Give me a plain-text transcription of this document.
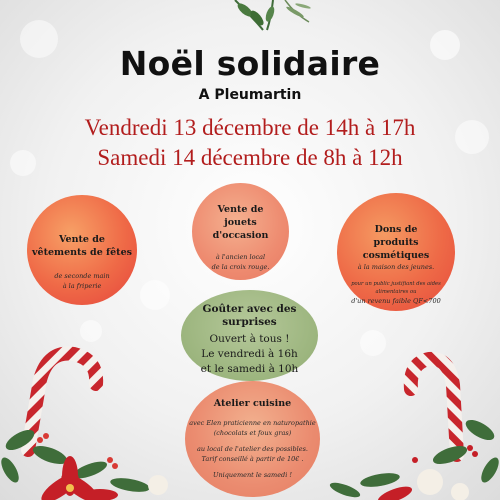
Noël solidaire
A Pleumartin
Vendredi 13 décembre de 14h à 17h
Samedi 14 décembre de 8h à 12h
Vente de vêtements de fêtes
de seconde main
à la friperie
Vente de jouets d'occasion
à l'ancien local
de la croix rouge.
Dons de produits cosmétiques
à la maison des jeunes.
pour un public justifiant des aides alimentaires ou
d'un revenu faible QF<700
Goûter avec des surprises
Ouvert à tous !
Le vendredi à 16h
et le samedi à 10h
Atelier cuisine
avec Elen praticienne en naturopathie
(chocolats et foux gras)
au local de l'atelier des possibles.
Tarif conseillé à partir de 10€ .
Uniquement le samedi !
